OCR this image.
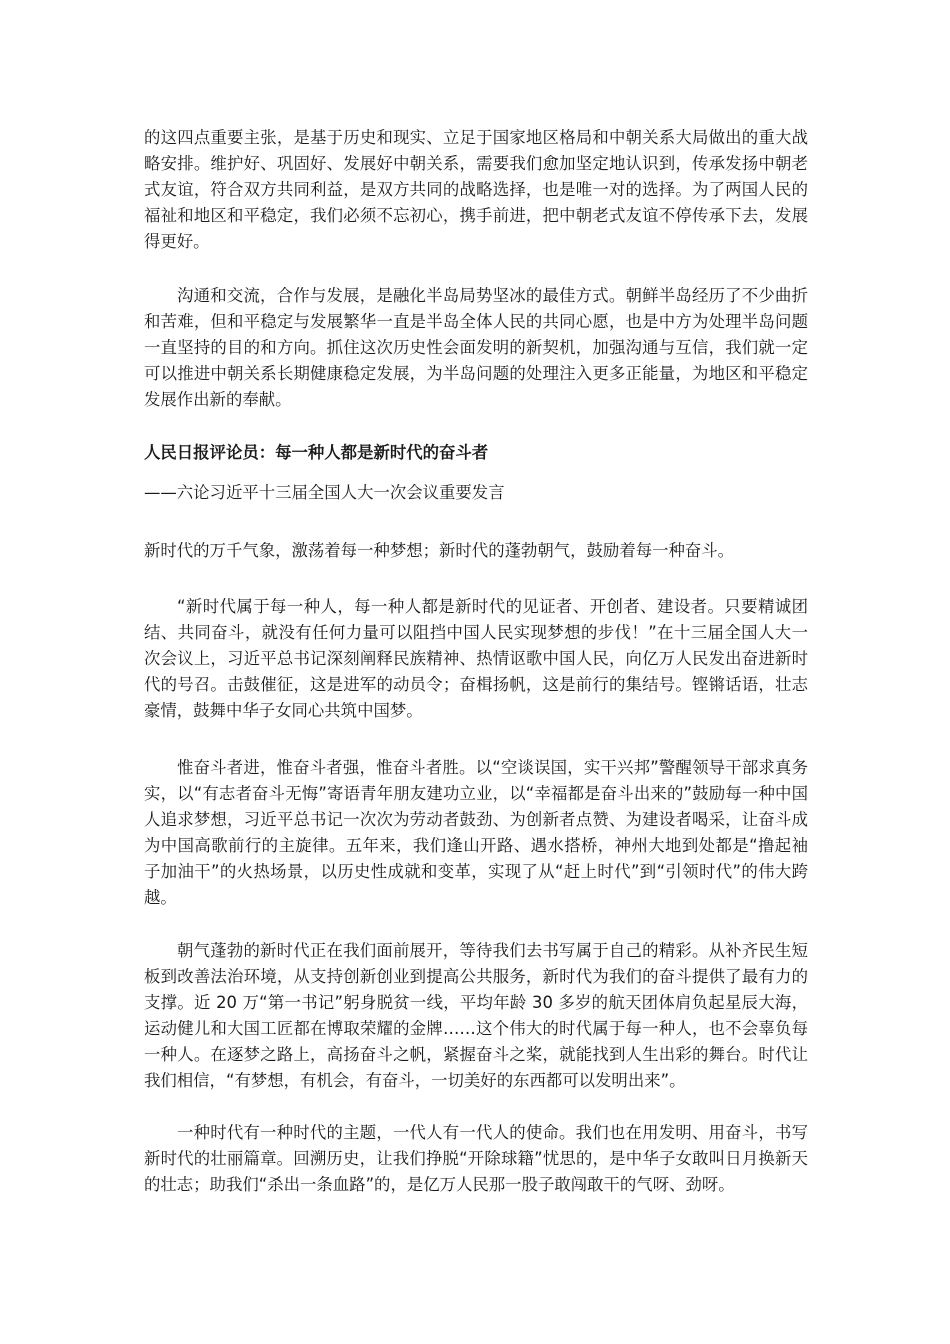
的这四点重要主张，是基于历史和现实、立足于国家地区格局和中朝关系大局做出的重大战略安排。维护好、巩固好、发展好中朝关系，需要我们愈加坚定地认识到，传承发扬中朝老式友谊，符合双方共同利益，是双方共同的战略选择，也是唯一对的选择。为了两国人民的福祉和地区和平稳定，我们必须不忘初心，携手前进，把中朝老式友谊不停传承下去，发展得更好。

沟通和交流，合作与发展，是融化半岛局势坚冰的最佳方式。朝鲜半岛经历了不少曲折和苦难，但和平稳定与发展繁华一直是半岛全体人民的共同心愿，也是中方为处理半岛问题一直坚持的目的和方向。抓住这次历史性会面发明的新契机，加强沟通与互信，我们就一定可以推进中朝关系长期健康稳定发展，为半岛问题的处理注入更多正能量，为地区和平稳定发展作出新的奉献。

人民日报评论员：每一种人都是新时代的奋斗者

——六论习近平十三届全国人大一次会议重要发言

新时代的万千气象，激荡着每一种梦想；新时代的蓬勃朝气，鼓励着每一种奋斗。

“新时代属于每一种人，每一种人都是新时代的见证者、开创者、建设者。只要精诚团结、共同奋斗，就没有任何力量可以阻挡中国人民实现梦想的步伐！”在十三届全国人大一次会议上，习近平总书记深刻阐释民族精神、热情讴歌中国人民，向亿万人民发出奋进新时代的号召。击鼓催征，这是进军的动员令；奋楫扬帆，这是前行的集结号。铿锵话语，壮志豪情，鼓舞中华子女同心共筑中国梦。

惟奋斗者进，惟奋斗者强，惟奋斗者胜。以“空谈误国，实干兴邦”警醒领导干部求真务实，以“有志者奋斗无悔”寄语青年朋友建功立业，以“幸福都是奋斗出来的”鼓励每一种中国人追求梦想，习近平总书记一次次为劳动者鼓劲、为创新者点赞、为建设者喝采，让奋斗成为中国高歌前行的主旋律。五年来，我们逢山开路、遇水搭桥，神州大地到处都是“撸起袖子加油干”的火热场景，以历史性成就和变革，实现了从“赶上时代”到“引领时代”的伟大跨越。

朝气蓬勃的新时代正在我们面前展开，等待我们去书写属于自己的精彩。从补齐民生短板到改善法治环境，从支持创新创业到提高公共服务，新时代为我们的奋斗提供了最有力的支撑。近 20 万“第一书记”躬身脱贫一线，平均年龄 30 多岁的航天团体肩负起星辰大海，运动健儿和大国工匠都在博取荣耀的金牌……这个伟大的时代属于每一种人，也不会辜负每一种人。在逐梦之路上，高扬奋斗之帆，紧握奋斗之桨，就能找到人生出彩的舞台。时代让我们相信，“有梦想，有机会，有奋斗，一切美好的东西都可以发明出来”。

一种时代有一种时代的主题，一代人有一代人的使命。我们也在用发明、用奋斗，书写新时代的壮丽篇章。回溯历史，让我们挣脱“开除球籍”忧思的，是中华子女敢叫日月换新天的壮志；助我们“杀出一条血路”的，是亿万人民那一股子敢闯敢干的气呀、劲呀。
